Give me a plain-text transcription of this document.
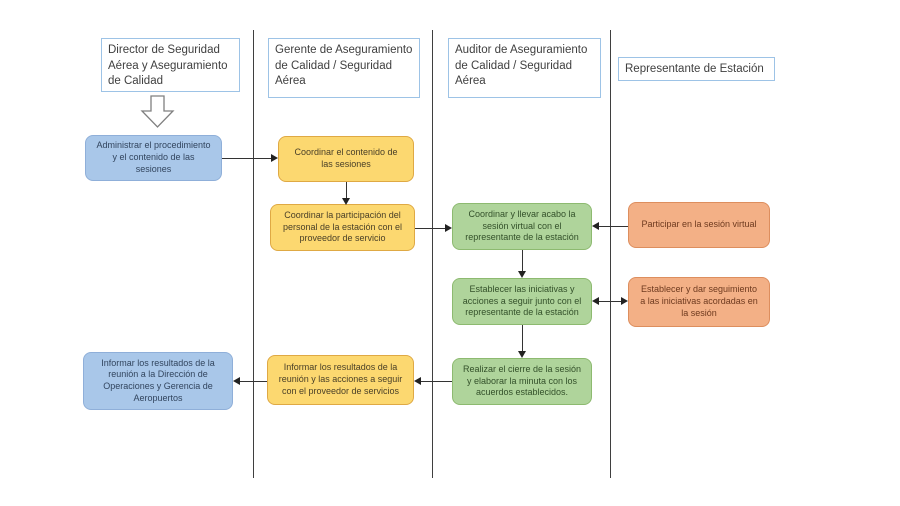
Director de Seguridad Aérea y Aseguramiento de Calidad
Gerente de Aseguramiento de Calidad / Seguridad Aérea
Auditor de Aseguramiento de Calidad / Seguridad Aérea
Representante de Estación
Administrar el procedimiento y el contenido de las sesiones
Coordinar el contenido de las sesiones
Coordinar la participación del personal de la estación con el proveedor de servicio
Coordinar y llevar acabo la sesión virtual con el representante de la estación
Participar en la sesión virtual
Establecer las iniciativas y acciones a seguir junto con el representante de la estación
Establecer y dar seguimiento a las iniciativas acordadas en la sesión
Realizar el cierre de la sesión y elaborar la minuta con los acuerdos establecidos.
Informar los resultados de la reunión y las acciones a seguir con el proveedor de servicios
Informar los resultados de la reunión a la Dirección de Operaciones y Gerencia de Aeropuertos
